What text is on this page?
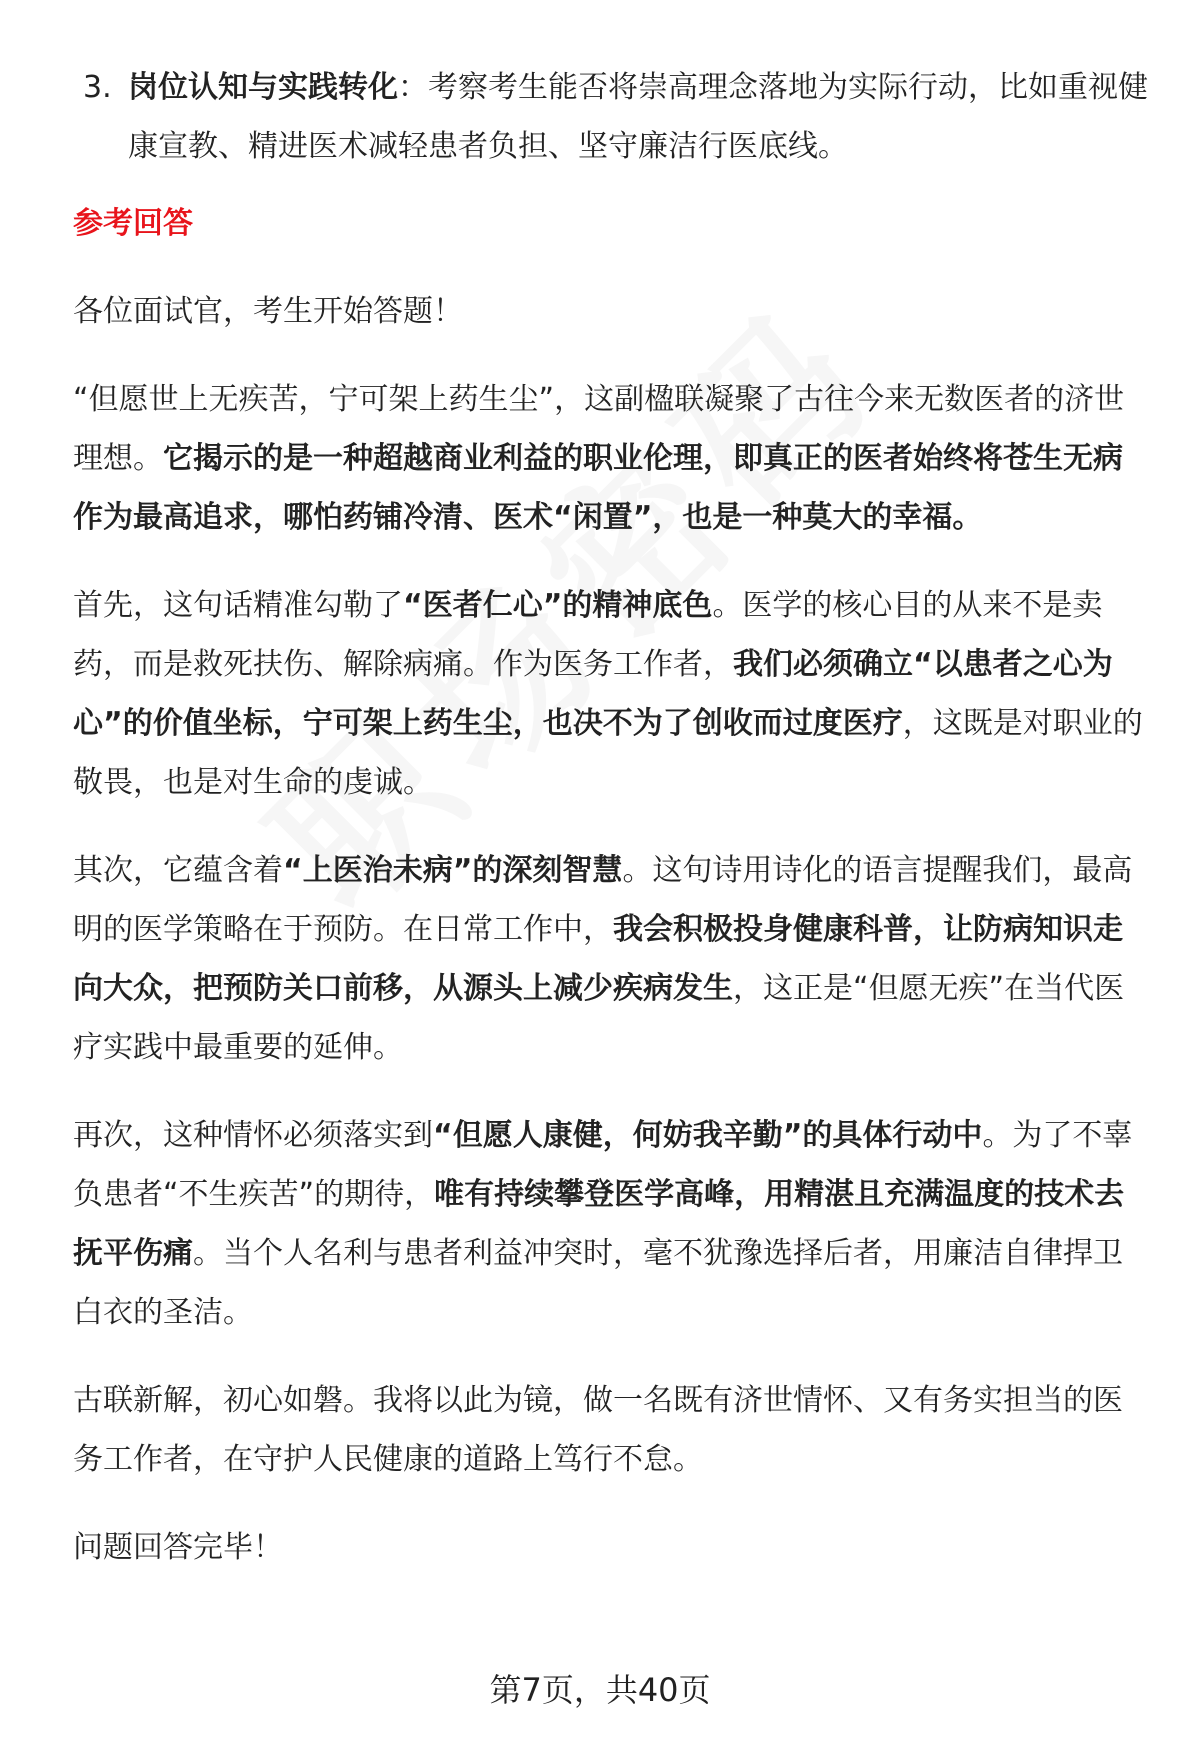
3. 岗位认知与实践转化：考察考生能否将崇高理念落地为实际行动，比如重视健康宣教、精进医术减轻患者负担、坚守廉洁行医底线。

参考回答

各位面试官，考生开始答题！

“但愿世上无疾苦，宁可架上药生尘”，这副楹联凝聚了古往今来无数医者的济世理想。它揭示的是一种超越商业利益的职业伦理，即真正的医者始终将苍生无病作为最高追求，哪怕药铺冷清、医术“闲置”，也是一种莫大的幸福。

首先，这句话精准勾勒了“医者仁心”的精神底色。医学的核心目的从来不是卖药，而是救死扶伤、解除病痛。作为医务工作者，我们必须确立“以患者之心为心”的价值坐标，宁可架上药生尘，也决不为了创收而过度医疗，这既是对职业的敬畏，也是对生命的虔诚。

其次，它蕴含着“上医治未病”的深刻智慧。这句诗用诗化的语言提醒我们，最高明的医学策略在于预防。在日常工作中，我会积极投身健康科普，让防病知识走向大众，把预防关口前移，从源头上减少疾病发生，这正是“但愿无疾”在当代医疗实践中最重要的延伸。

再次，这种情怀必须落实到“但愿人康健，何妨我辛勤”的具体行动中。为了不辜负患者“不生疾苦”的期待，唯有持续攀登医学高峰，用精湛且充满温度的技术去抚平伤痛。当个人名利与患者利益冲突时，毫不犹豫选择后者，用廉洁自律捍卫白衣的圣洁。

古联新解，初心如磐。我将以此为镜，做一名既有济世情怀、又有务实担当的医务工作者，在守护人民健康的道路上笃行不怠。

问题回答完毕！

第7页，共40页
